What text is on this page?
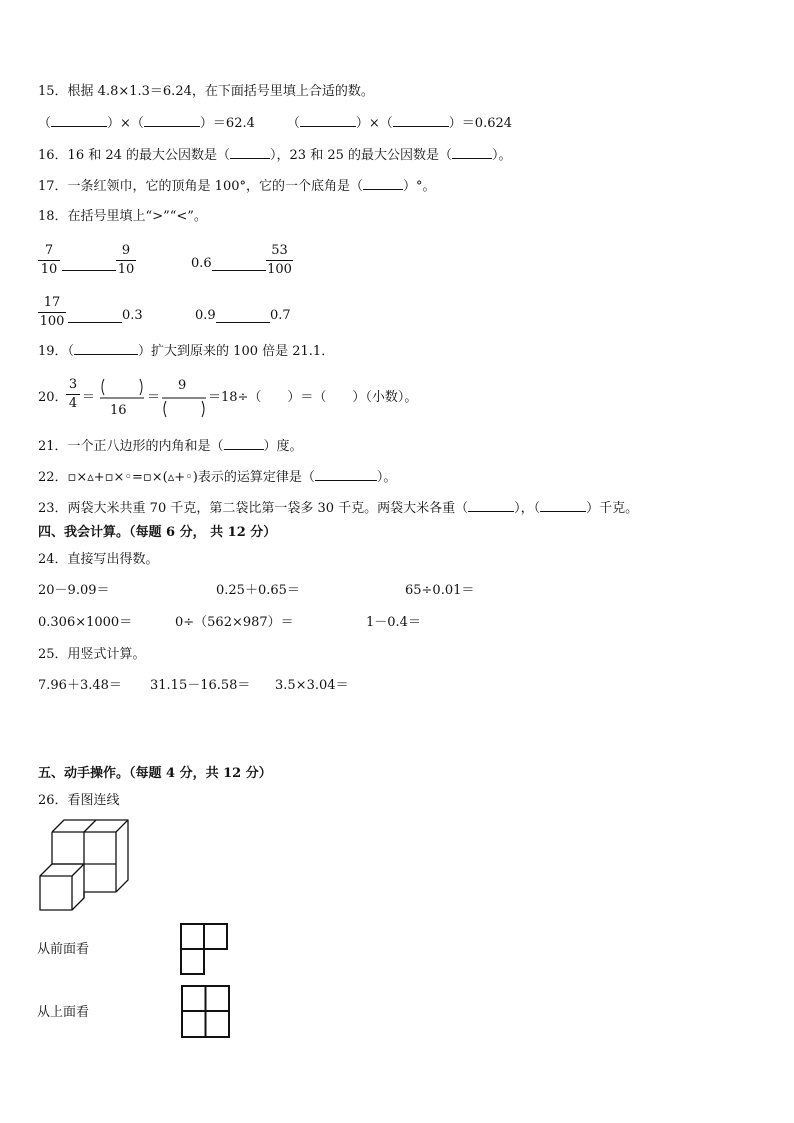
15．根据 4.8×1.3＝6.24，在下面括号里填上合适的数。
（	）×（	）＝62.4 （	）×（	）＝0.624
16．16 和 24 的最大公因数是（	），23 和 25 的最大公因数是（	）。
17．一条红领巾，它的顶角是 100°，它的一个底角是（	）°。
18．在括号里填上“>”“<”。
7
10
9
10	0.6
53
100
17
100	0.3	0.9	0.7
19．（	）扩大到原来的 100 倍是 21.1．
20．
3
4 ＝
16
＝
9
＝18÷（　　）＝（　　）（小数）。
21．一个正八边形的内角和是（	）度。
22．▫×▵+▫×◦=▫×(▵+◦)表示的运算定律是（	）。
23．两袋大米共重 70 千克，第二袋比第一袋多 30 千克。两袋大米各重（	），（	）千克。
四、我会计算。（每题 6 分， 共 12 分）
24．直接写出得数。
20－9.09＝	0.25＋0.65＝	65÷0.01＝
0.306×1000＝	0÷（562×987）＝	1－0.4＝
25．用竖式计算。
7.96＋3.48＝ 31.15－16.58＝ 3.5×3.04＝
五、动手操作。（每题 4 分，共 12 分）
26．看图连线
从前面看
从上面看
